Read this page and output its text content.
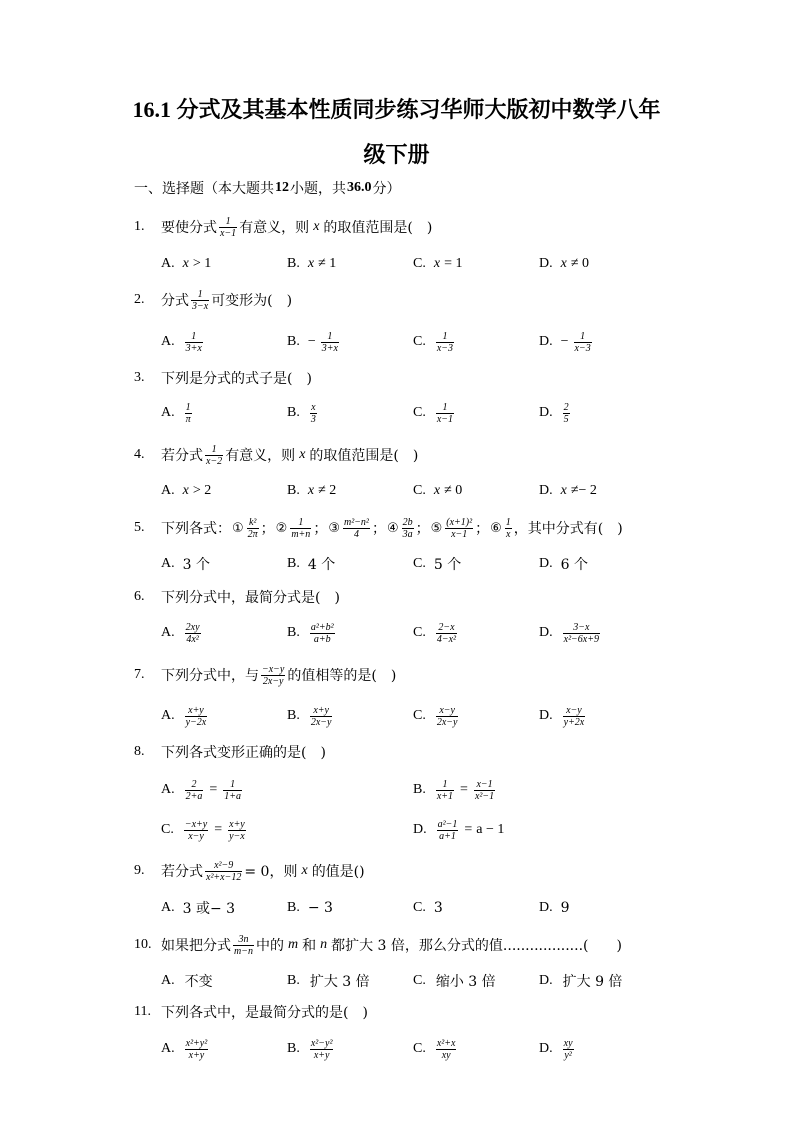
16.1 分式及其基本性质同步练习华师大版初中数学八年
级下册
一、选择题（本大题共 12 小题，共 36.0 分）
1. 要使分式 $\frac{1}{x-1}$ 有意义，则 x 的取值范围是(　)
A. x > 1	B. x ≠ 1	C. x = 1	D. x ≠ 0
2. 分式 $\frac{1}{3-x}$ 可变形为(　)
A. $\frac{1}{3+x}$	B. − $\frac{1}{3+x}$	C. $\frac{1}{x-3}$	D. − $\frac{1}{x-3}$
3. 下列是分式的式子是(　)
A. $\frac{1}{\pi}$	B. $\frac{x}{3}$	C. $\frac{1}{x-1}$	D. $\frac{2}{5}$
4. 若分式 $\frac{1}{x-2}$ 有意义，则 x 的取值范围是(　)
A. x > 2	B. x ≠ 2	C. x ≠ 0	D. x ≠− 2
5. 下列各式： ① $\frac{\text{k²}}{2\pi}$ ； ② $\frac{1}{m+n}$ ； ③ $\frac{\text{m²−n²}}{4}$ ； ④ $\frac{2b}{3a}$ ； ⑤ $\frac{\text{(x+1)²}}{x-1}$ ； ⑥ $\frac{1}{x}$ ，其中分式有(　)
A. 3 个	B. 4 个	C. 5 个	D. 6 个
6. 下列分式中，最简分式是(　)
A. $\frac{2xy}{\text{4x²}}$	B. $\frac{\text{a²+b²}}{a+b}$	C. $\frac{2-x}{\text{4−x²}}$	D. $\frac{3-x}{\text{x²−6x+9}}$
7. 下列分式中，与 $\frac{-x-y}{2x-y}$ 的值相等的是(　)
A. $\frac{x+y}{y-2x}$	B. $\frac{x+y}{2x-y}$	C. $\frac{x-y}{2x-y}$	D. $\frac{x-y}{y+2x}$
8. 下列各式变形正确的是(　)
A. $\frac{2}{2+a} = \frac{1}{1+a}$	B. $\frac{1}{x+1} = \frac{x-1}{\text{x²−1}}$
C. $\frac{-x+y}{x-y} = \frac{x+y}{y-x}$	D. $\frac{\text{a²−1}}{a+1} = a - 1$
9. 若分式 $\frac{\text{x²−9}}{\text{x²+x−12}} = 0$，则 x 的值是()
A. 3 或− 3	B. − 3	C. 3	D. 9
10. 如果把分式 $\frac{3n}{m-n}$ 中的 m 和 n 都扩大 3 倍，那么分式的值..................(　　)
A. 不变	B. 扩大 3 倍	C. 缩小 3 倍	D. 扩大 9 倍
11. 下列各式中，是最简分式的是(　)
A. $\frac{\text{x²+y²}}{x+y}$	B. $\frac{\text{x²−y²}}{x+y}$	C. $\frac{\text{x²+x}}{xy}$	D. $\frac{xy}{\text{y²}}$
